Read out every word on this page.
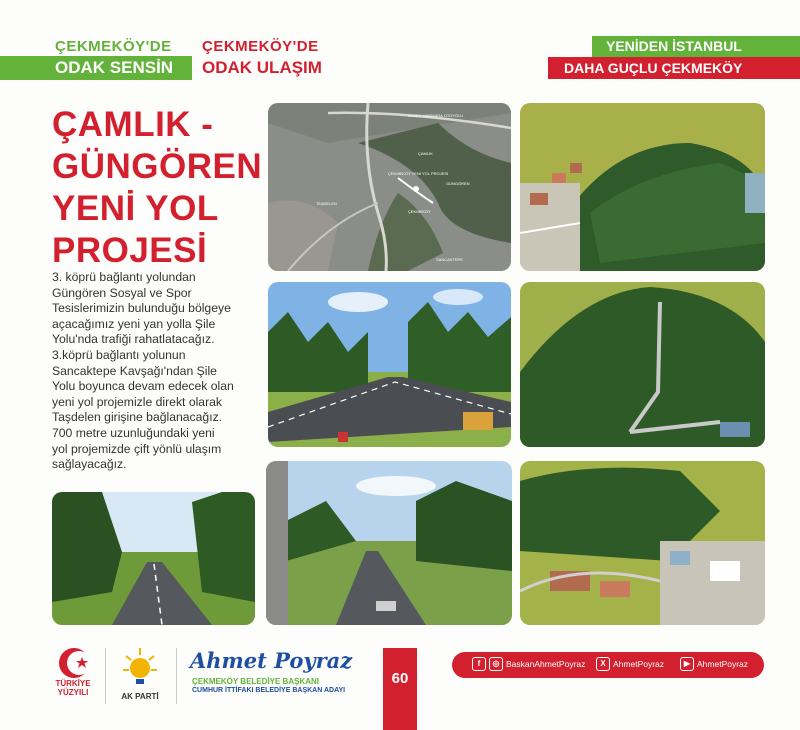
ÇEKMEKÖY'DE
ODAK SENSİN
ÇEKMEKÖY'DE
ODAK ULAŞIM
YENİDEN İSTANBUL
DAHA GUÇLU ÇEKMEKÖY
ÇAMLIK -
GÜNGÖREN
YENİ YOL
PROJESİ
3. köprü bağlantı yolundan
Güngören Sosyal ve Spor
Tesislerimizin bulunduğu bölgeye
açacağımız yeni yan yolla Şile
Yolu'nda trafiği rahatlatacağız.
3.köprü bağlantı yolunun
Sancaktepe Kavşağı'ndan Şile
Yolu boyunca devam edecek olan
yeni yol projemizle direkt olarak
Taşdelen girişine bağlanacağız.
700 metre uzunluğundaki yeni
yol projemizde çift yönlü ulaşım
sağlayacağız.
ÇEKMEKÖY YENİ YOL PROJESİ
ÇAMLIK
GÜNGÖREN
TAŞDELEN
ÇEKMEKÖY
SANCAKTEPE
KUZEY MARMARA OTOYOLU
TÜRKİYE
YÜZYILI	AK PARTİ
Ahmet Poyraz
ÇEKMEKÖY BELEDİYE BAŞKANI
CUMHUR İTTİFAKI BELEDİYE BAŞKAN ADAYI
60
f	◎ BaskanAhmetPoyraz	X AhmetPoyraz	▶ AhmetPoyraz
